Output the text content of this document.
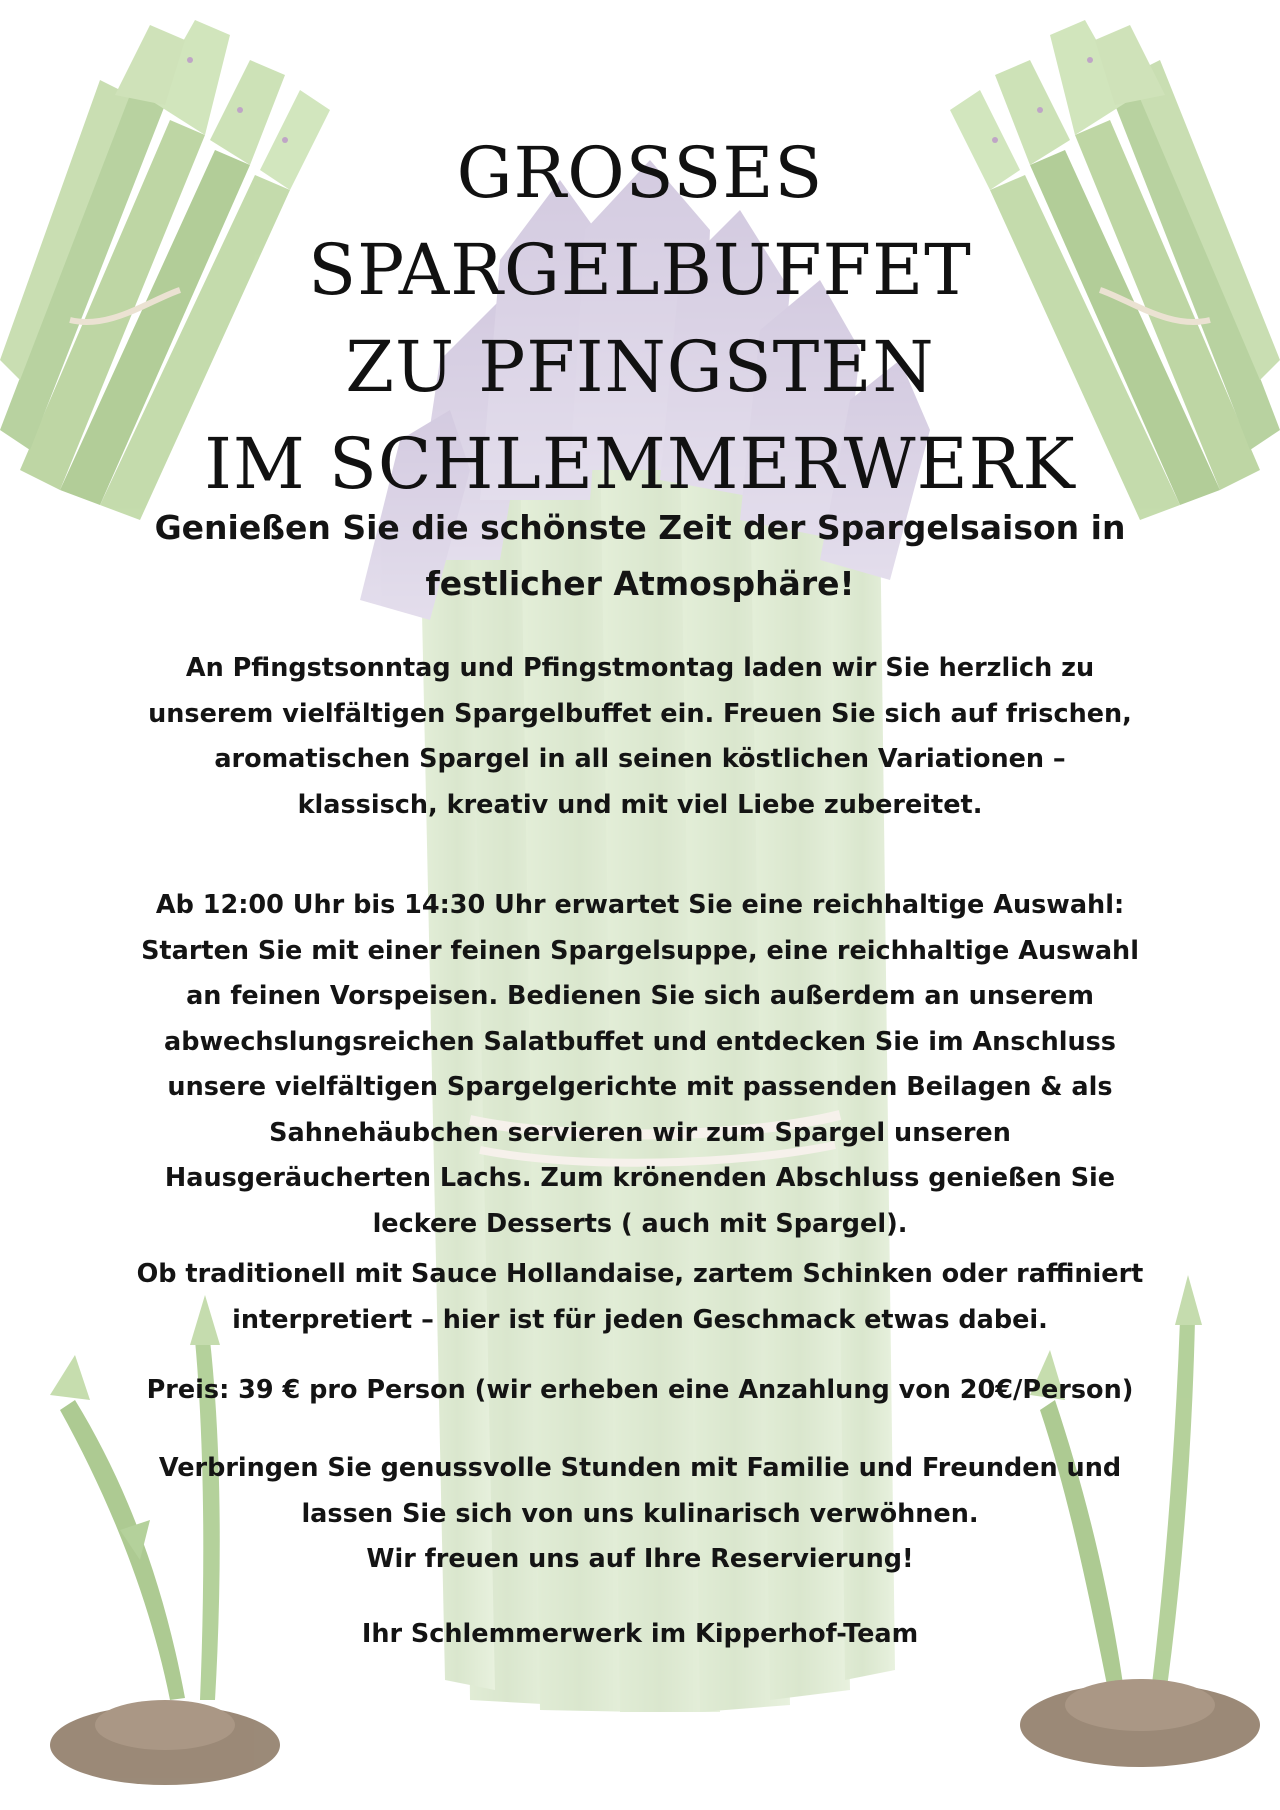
GROSSES SPARGELBUFFET
ZU PFINGSTEN
IM SCHLEMMERWERK
Genießen Sie die schönste Zeit der Spargelsaison in festlicher Atmosphäre!

An Pfingstsonntag und Pfingstmontag laden wir Sie herzlich zu
unserem vielfältigen Spargelbuffet ein. Freuen Sie sich auf frischen,
aromatischen Spargel in all seinen köstlichen Variationen –
klassisch, kreativ und mit viel Liebe zubereitet.

Ab 12:00 Uhr bis 14:30 Uhr erwartet Sie eine reichhaltige Auswahl:
Starten Sie mit einer feinen Spargelsuppe, eine reichhaltige Auswahl
an feinen Vorspeisen. Bedienen Sie sich außerdem an unserem
abwechslungsreichen Salatbuffet und entdecken Sie im Anschluss
unsere vielfältigen Spargelgerichte mit passenden Beilagen & als
Sahnehäubchen servieren wir zum Spargel unseren
Hausgeräucherten Lachs. Zum krönenden Abschluss genießen Sie
leckere Desserts ( auch mit Spargel).

Ob traditionell mit Sauce Hollandaise, zartem Schinken oder raffiniert
interpretiert – hier ist für jeden Geschmack etwas dabei.

Preis: 39 € pro Person (wir erheben eine Anzahlung von 20€/Person)

Verbringen Sie genussvolle Stunden mit Familie und Freunden und
lassen Sie sich von uns kulinarisch verwöhnen.
Wir freuen uns auf Ihre Reservierung!

Ihr Schlemmerwerk im Kipperhof-Team
